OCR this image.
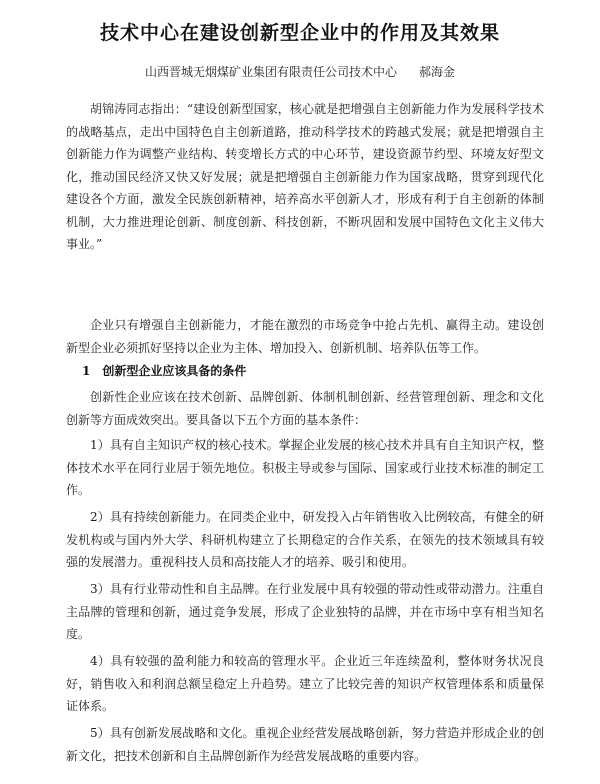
技术中心在建设创新型企业中的作用及其效果
山西晋城无烟煤矿业集团有限责任公司技术中心 郝海金
胡锦涛同志指出：“建设创新型国家，核心就是把增强自主创新能力作为发展科学技术的战略基点，走出中国特色自主创新道路，推动科学技术的跨越式发展；就是把增强自主创新能力作为调整产业结构、转变增长方式的中心环节，建设资源节约型、环境友好型文化，推动国民经济又快又好发展；就是把增强自主创新能力作为国家战略，贯穿到现代化建设各个方面，激发全民族创新精神，培养高水平创新人才，形成有利于自主创新的体制机制，大力推进理论创新、制度创新、科技创新，不断巩固和发展中国特色文化主义伟大事业。”
企业只有增强自主创新能力，才能在激烈的市场竞争中抢占先机、赢得主动。建设创新型企业必须抓好坚持以企业为主体、增加投入、创新机制、培养队伍等工作。
1　创新型企业应该具备的条件
创新性企业应该在技术创新、品牌创新、体制机制创新、经营管理创新、理念和文化创新等方面成效突出。要具备以下五个方面的基本条件：
1）具有自主知识产权的核心技术。掌握企业发展的核心技术并具有自主知识产权，整体技术水平在同行业居于领先地位。积极主导或参与国际、国家或行业技术标准的制定工作。
2）具有持续创新能力。在同类企业中，研发投入占年销售收入比例较高，有健全的研发机构或与国内外大学、科研机构建立了长期稳定的合作关系，在领先的技术领域具有较强的发展潜力。重视科技人员和高技能人才的培养、吸引和使用。
3）具有行业带动性和自主品牌。在行业发展中具有较强的带动性或带动潜力。注重自主品牌的管理和创新，通过竞争发展，形成了企业独特的品牌，并在市场中享有相当知名度。
4）具有较强的盈利能力和较高的管理水平。企业近三年连续盈利，整体财务状况良好，销售收入和利润总额呈稳定上升趋势。建立了比较完善的知识产权管理体系和质量保证体系。
5）具有创新发展战略和文化。重视企业经营发展战略创新，努力营造并形成企业的创新文化，把技术创新和自主品牌创新作为经营发展战略的重要内容。
